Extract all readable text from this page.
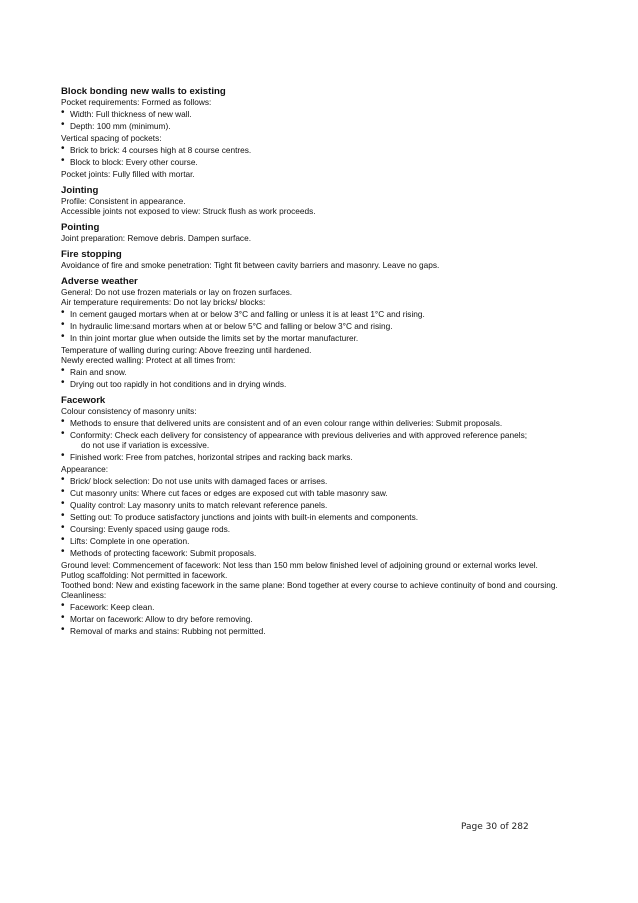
Block bonding new walls to existing
Pocket requirements: Formed as follows:
• Width: Full thickness of new wall.
• Depth: 100 mm (minimum).
Vertical spacing of pockets:
• Brick to brick: 4 courses high at 8 course centres.
• Block to block: Every other course.
Pocket joints: Fully filled with mortar.
Jointing
Profile: Consistent in appearance.
Accessible joints not exposed to view: Struck flush as work proceeds.
Pointing
Joint preparation: Remove debris. Dampen surface.
Fire stopping
Avoidance of fire and smoke penetration: Tight fit between cavity barriers and masonry. Leave no gaps.
Adverse weather
General: Do not use frozen materials or lay on frozen surfaces.
Air temperature requirements: Do not lay bricks/ blocks:
• In cement gauged mortars when at or below 3°C and falling or unless it is at least 1°C and rising.
• In hydraulic lime:sand mortars when at or below 5°C and falling or below 3°C and rising.
• In thin joint mortar glue when outside the limits set by the mortar manufacturer.
Temperature of walling during curing: Above freezing until hardened.
Newly erected walling: Protect at all times from:
• Rain and snow.
• Drying out too rapidly in hot conditions and in drying winds.
Facework
Colour consistency of masonry units:
• Methods to ensure that delivered units are consistent and of an even colour range within deliveries: Submit proposals.
• Conformity: Check each delivery for consistency of appearance with previous deliveries and with approved reference panels;
do not use if variation is excessive.
• Finished work: Free from patches, horizontal stripes and racking back marks.
Appearance:
• Brick/ block selection: Do not use units with damaged faces or arrises.
• Cut masonry units: Where cut faces or edges are exposed cut with table masonry saw.
• Quality control: Lay masonry units to match relevant reference panels.
• Setting out: To produce satisfactory junctions and joints with built-in elements and components.
• Coursing: Evenly spaced using gauge rods.
• Lifts: Complete in one operation.
• Methods of protecting facework: Submit proposals.
Ground level: Commencement of facework: Not less than 150 mm below finished level of adjoining ground or external works level.
Putlog scaffolding: Not permitted in facework.
Toothed bond: New and existing facework in the same plane: Bond together at every course to achieve continuity of bond and coursing.
Cleanliness:
• Facework: Keep clean.
• Mortar on facework: Allow to dry before removing.
• Removal of marks and stains: Rubbing not permitted.
Page 30 of 282
